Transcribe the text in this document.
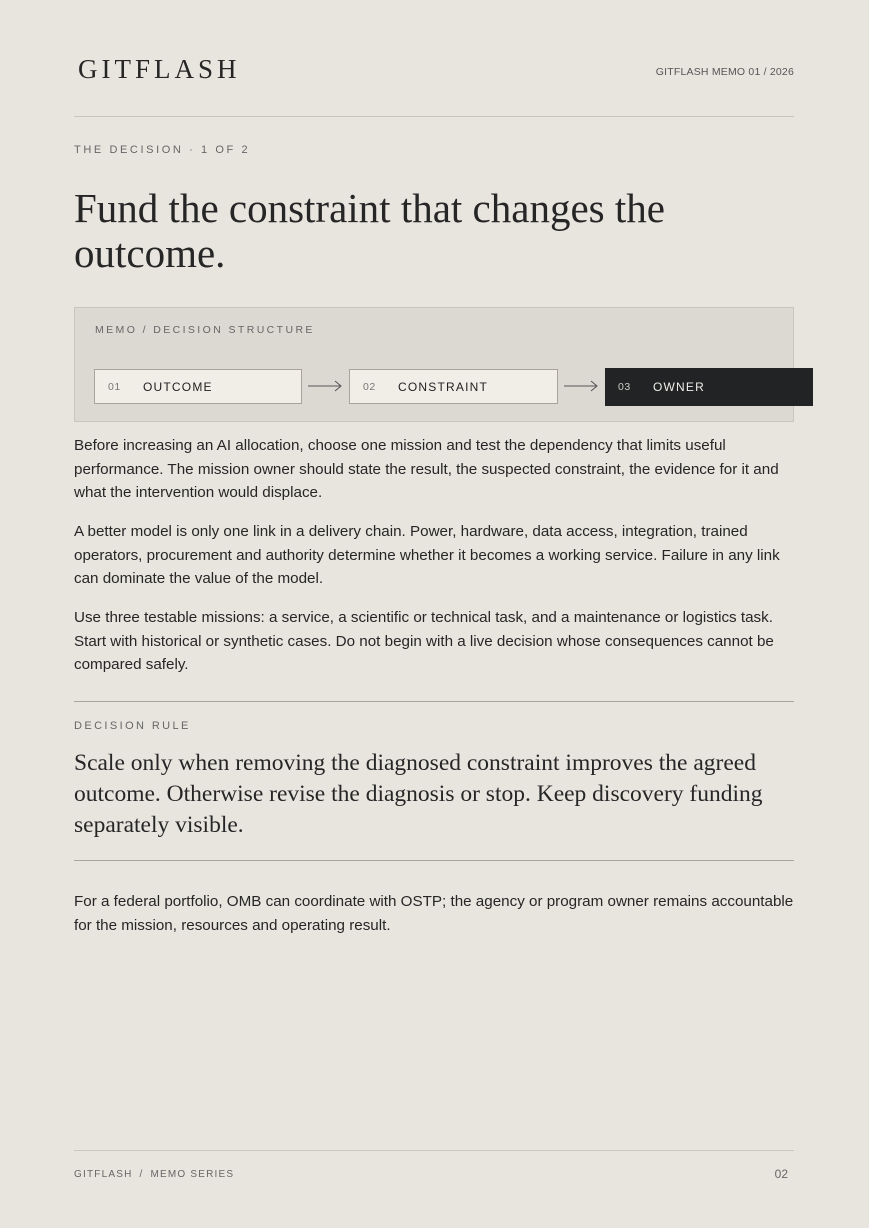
GITFLASH	GITFLASH MEMO 01 / 2026
THE DECISION · 1 OF 2
Fund the constraint that changes the outcome.
MEMO / DECISION STRUCTURE
01	OUTCOME	02	CONSTRAINT	03	OWNER

Before increasing an AI allocation, choose one mission and test the dependency that limits useful performance. The mission owner should state the result, the suspected constraint, the evidence for it and what the intervention would displace.

A better model is only one link in a delivery chain. Power, hardware, data access, integration, trained operators, procurement and authority determine whether it becomes a working service. Failure in any link can dominate the value of the model.

Use three testable missions: a service, a scientific or technical task, and a maintenance or logistics task. Start with historical or synthetic cases. Do not begin with a live decision whose consequences cannot be compared safely.

DECISION RULE

Scale only when removing the diagnosed constraint improves the agreed outcome. Otherwise revise the diagnosis or stop. Keep discovery funding separately visible.

For a federal portfolio, OMB can coordinate with OSTP; the agency or program owner remains accountable for the mission, resources and operating result.

GITFLASH / MEMO SERIES	02
